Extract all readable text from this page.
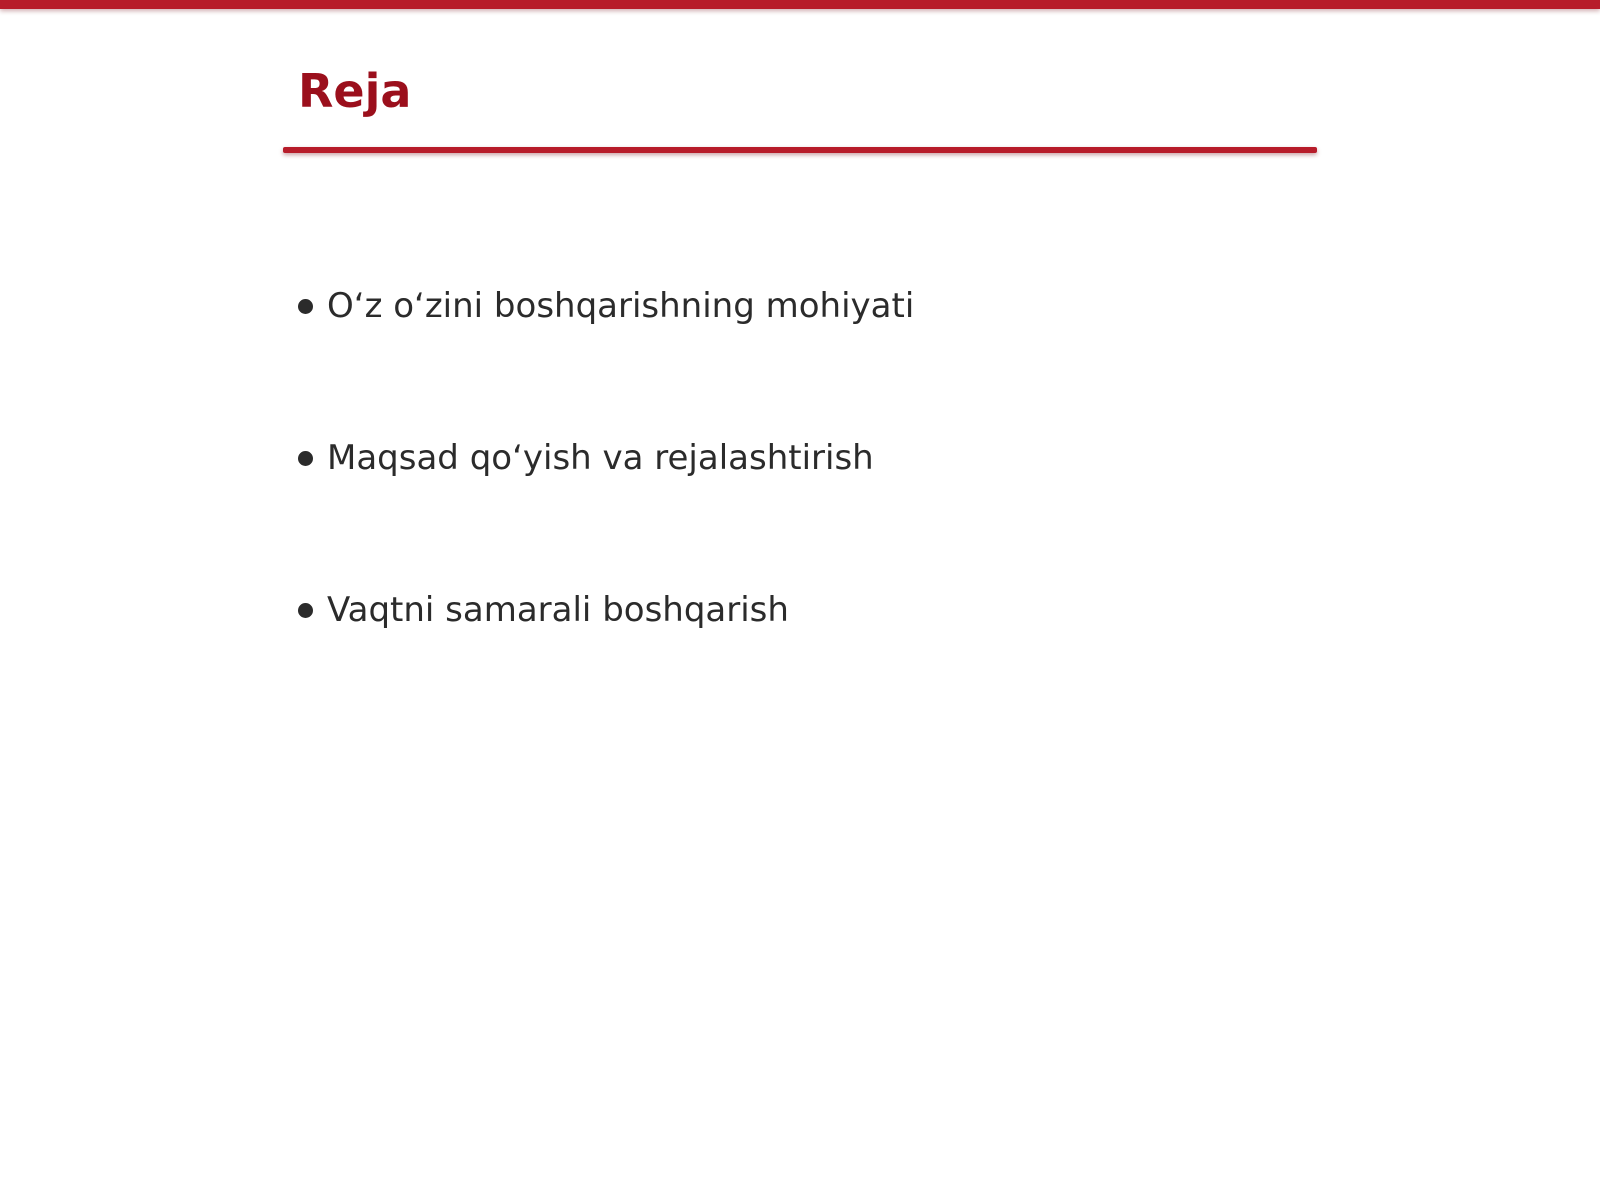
Reja
O‘z o‘zini boshqarishning mohiyati
Maqsad qo‘yish va rejalashtirish
Vaqtni samarali boshqarish
